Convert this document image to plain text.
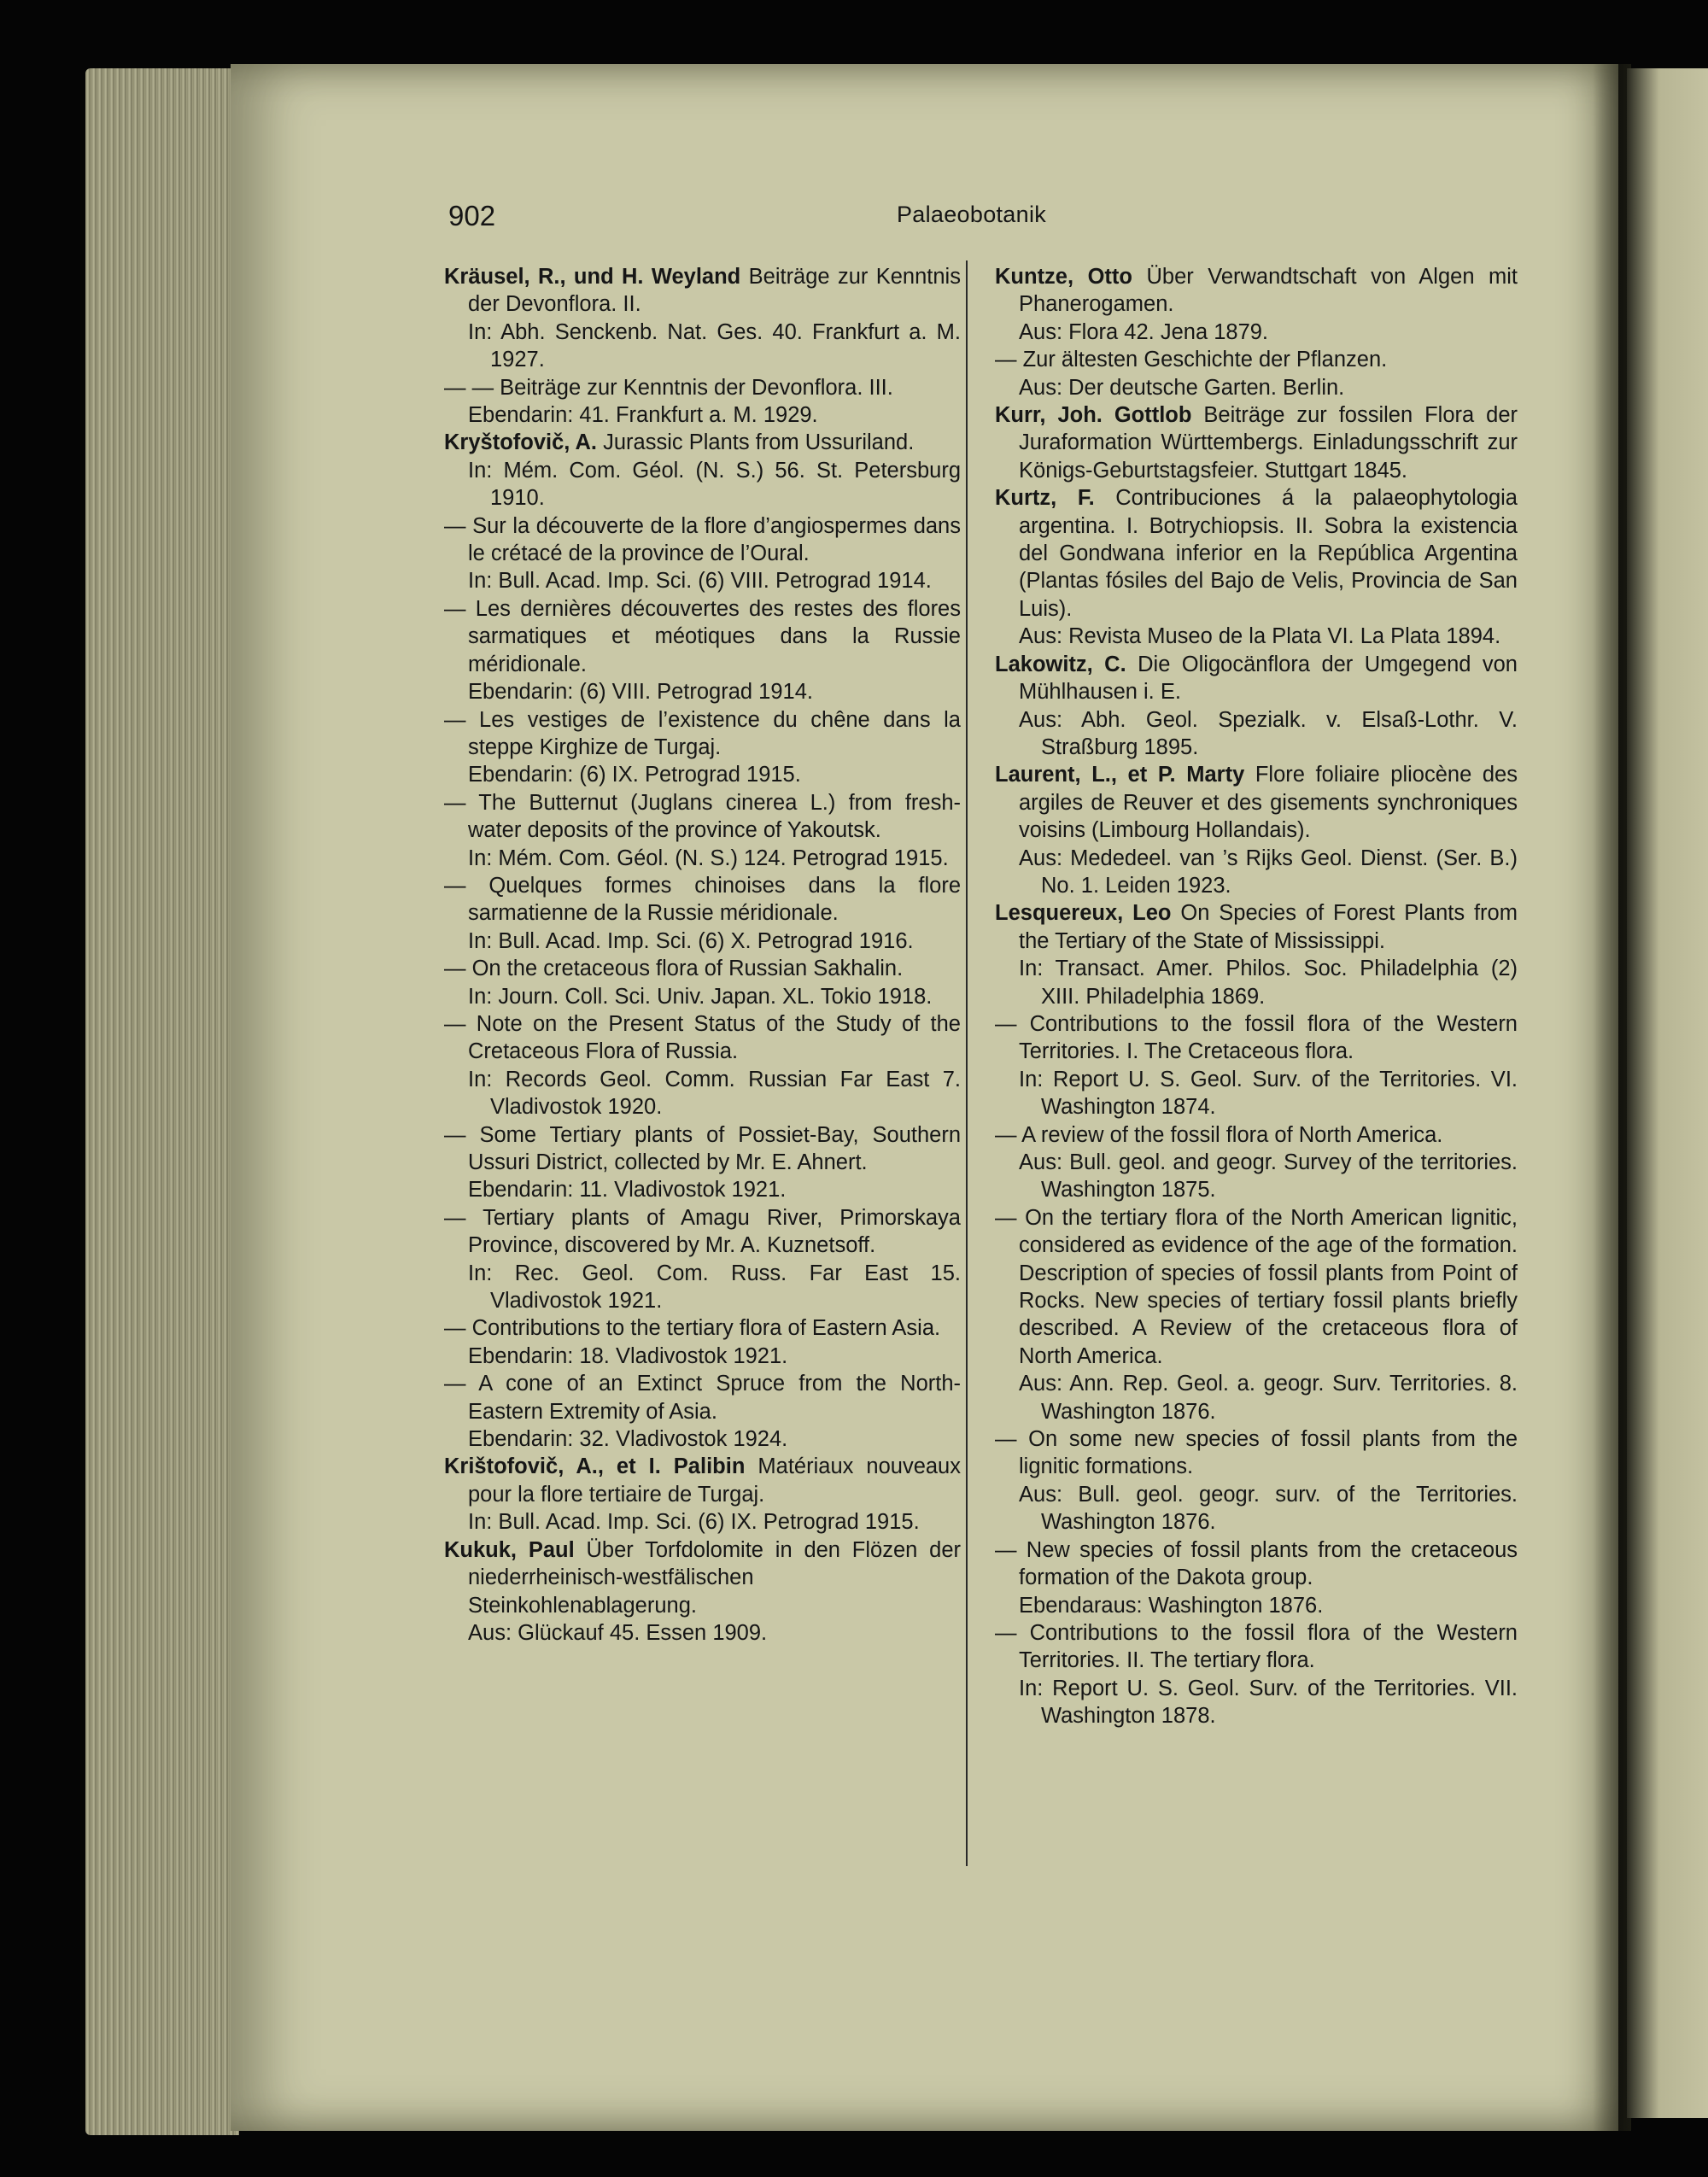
902	Palaeobotanik

Kräusel, R., und H. Weyland Beiträge zur Kenntnis der Devonflora. II.

In: Abh. Senckenb. Nat. Ges. 40. Frankfurt a. M. 1927.

— — Beiträge zur Kenntnis der Devonflora. III.

Ebendarin: 41. Frankfurt a. M. 1929.

Kryštofovič, A. Jurassic Plants from Ussuriland.

In: Mém. Com. Géol. (N. S.) 56. St. Petersburg 1910.

— Sur la découverte de la flore d’angiospermes dans le crétacé de la province de l’Oural.

In: Bull. Acad. Imp. Sci. (6) VIII. Petrograd 1914.

— Les dernières découvertes des restes des flores sarmatiques et méotiques dans la Russie méridionale.

Ebendarin: (6) VIII. Petrograd 1914.

— Les vestiges de l’existence du chêne dans la steppe Kirghize de Turgaj.

Ebendarin: (6) IX. Petrograd 1915.

— The Butternut (Juglans cinerea L.) from fresh-water deposits of the province of Yakoutsk.

In: Mém. Com. Géol. (N. S.) 124. Petrograd 1915.

— Quelques formes chinoises dans la flore sarmatienne de la Russie méridionale.

In: Bull. Acad. Imp. Sci. (6) X. Petrograd 1916.

— On the cretaceous flora of Russian Sakhalin.

In: Journ. Coll. Sci. Univ. Japan. XL. Tokio 1918.

— Note on the Present Status of the Study of the Cretaceous Flora of Russia.

In: Records Geol. Comm. Russian Far East 7. Vladivostok 1920.

— Some Tertiary plants of Possiet-Bay, Southern Ussuri District, collected by Mr. E. Ahnert.

Ebendarin: 11. Vladivostok 1921.

— Tertiary plants of Amagu River, Primorskaya Province, discovered by Mr. A. Kuznetsoff.

In: Rec. Geol. Com. Russ. Far East 15. Vladivostok 1921.

— Contributions to the tertiary flora of Eastern Asia.

Ebendarin: 18. Vladivostok 1921.

— A cone of an Extinct Spruce from the North-Eastern Extremity of Asia.

Ebendarin: 32. Vladivostok 1924.

Krištofovič, A., et I. Palibin Matériaux nouveaux pour la flore tertiaire de Turgaj.

In: Bull. Acad. Imp. Sci. (6) IX. Petrograd 1915.

Kukuk, Paul Über Torfdolomite in den Flözen der niederrheinisch-westfälischen Steinkohlenablagerung.

Aus: Glückauf 45. Essen 1909.

Kuntze, Otto Über Verwandtschaft von Algen mit Phanerogamen.

Aus: Flora 42. Jena 1879.

— Zur ältesten Geschichte der Pflanzen.

Aus: Der deutsche Garten. Berlin.

Kurr, Joh. Gottlob Beiträge zur fossilen Flora der Juraformation Württembergs. Einladungsschrift zur Königs-Geburtstagsfeier. Stuttgart 1845.

Kurtz, F. Contribuciones á la palaeophytologia argentina. I. Botrychiopsis. II. Sobra la existencia del Gondwana inferior en la República Argentina (Plantas fósiles del Bajo de Velis, Provincia de San Luis).

Aus: Revista Museo de la Plata VI. La Plata 1894.

Lakowitz, C. Die Oligocänflora der Umgegend von Mühlhausen i. E.

Aus: Abh. Geol. Spezialk. v. Elsaß-Lothr. V. Straßburg 1895.

Laurent, L., et P. Marty Flore foliaire pliocène des argiles de Reuver et des gisements synchroniques voisins (Limbourg Hollandais).

Aus: Mededeel. van ’s Rijks Geol. Dienst. (Ser. B.) No. 1. Leiden 1923.

Lesquereux, Leo On Species of Forest Plants from the Tertiary of the State of Mississippi.

In: Transact. Amer. Philos. Soc. Philadelphia (2) XIII. Philadelphia 1869.

— Contributions to the fossil flora of the Western Territories. I. The Cretaceous flora.

In: Report U. S. Geol. Surv. of the Territories. VI. Washington 1874.

— A review of the fossil flora of North America.

Aus: Bull. geol. and geogr. Survey of the territories. Washington 1875.

— On the tertiary flora of the North American lignitic, considered as evidence of the age of the formation. Description of species of fossil plants from Point of Rocks. New species of tertiary fossil plants briefly described. A Review of the cretaceous flora of North America.

Aus: Ann. Rep. Geol. a. geogr. Surv. Territories. 8. Washington 1876.

— On some new species of fossil plants from the lignitic formations.

Aus: Bull. geol. geogr. surv. of the Territories. Washington 1876.

— New species of fossil plants from the cretaceous formation of the Dakota group.

Ebendaraus: Washington 1876.

— Contributions to the fossil flora of the Western Territories. II. The tertiary flora.

In: Report U. S. Geol. Surv. of the Territories. VII. Washington 1878.
